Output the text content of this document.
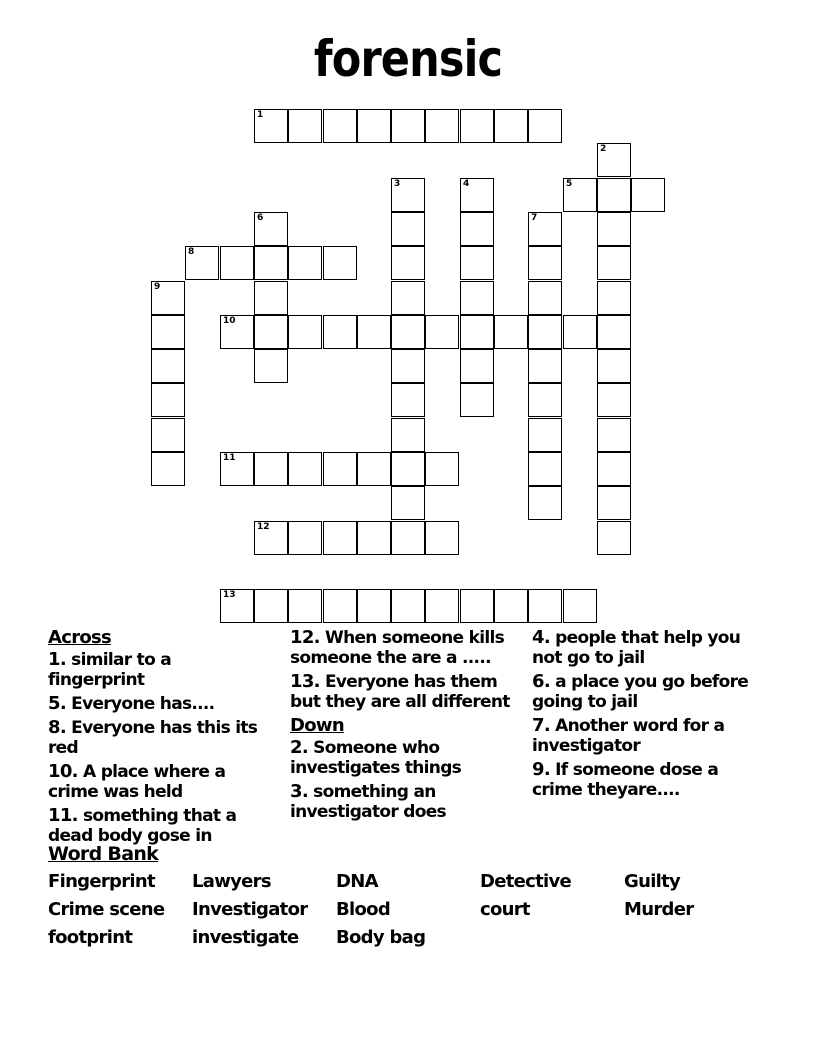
forensic
1
2
3	4	5
6	7
8
9
10
11
12
13
Across
1. similar to a fingerprint
5. Everyone has....
8. Everyone has this its red
10. A place where a crime was held
11. something that a dead body gose in
12. When someone kills someone the are a .....
13. Everyone has them but they are all different
Down
2. Someone who investigates things
3. something an investigator does
4. people that help you not go to jail
6. a place you go before going to jail
7. Another word for a investigator
9. If someone dose a crime theyare....
Word Bank
Fingerprint	Lawyers	DNA	Detective	Guilty
Crime scene	Investigator	Blood	court	Murder
footprint	investigate	Body bag
